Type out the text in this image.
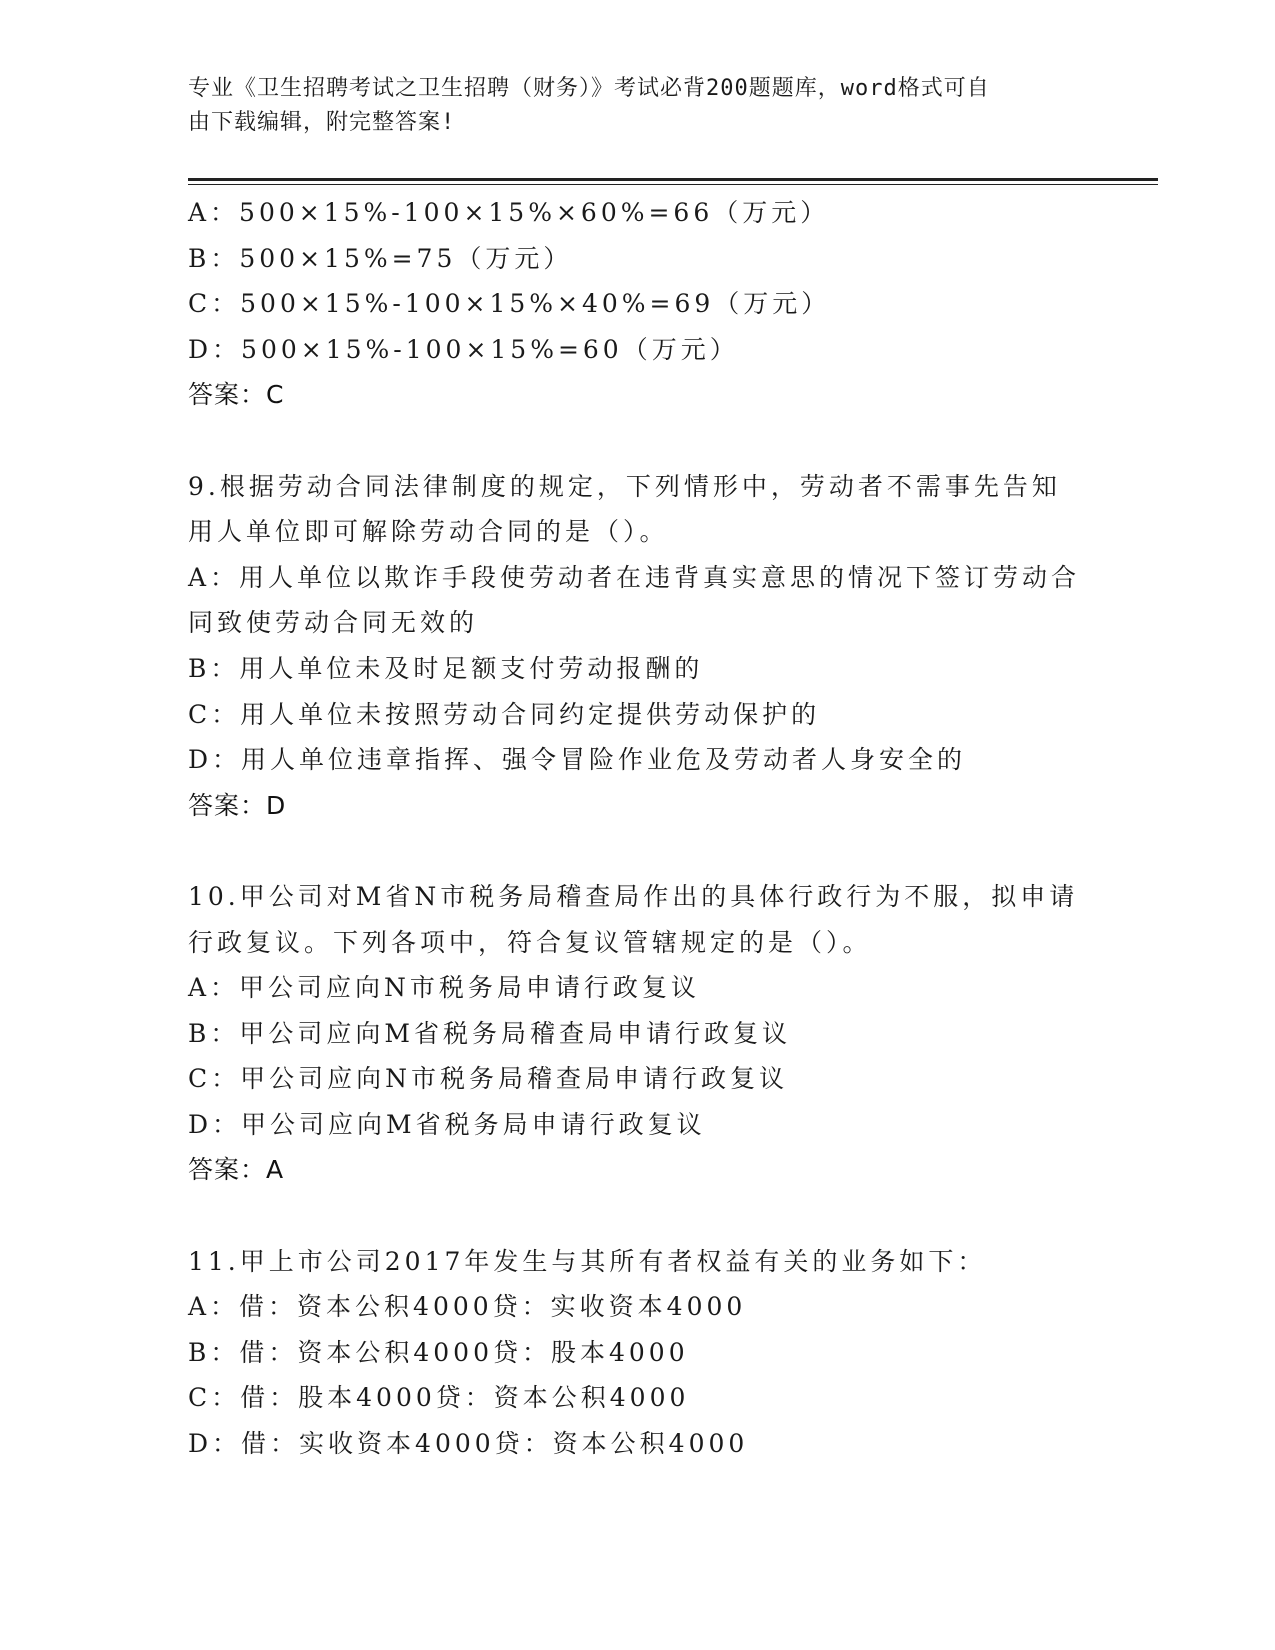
专业《卫生招聘考试之卫生招聘（财务）》考试必背200题题库，word格式可自
由下载编辑，附完整答案!
A：500×15%-100×15%×60%=66（万元）
B：500×15%=75（万元）
C：500×15%-100×15%×40%=69（万元）
D：500×15%-100×15%=60（万元）
答案：C
9.根据劳动合同法律制度的规定，下列情形中，劳动者不需事先告知
用人单位即可解除劳动合同的是（）。
A：用人单位以欺诈手段使劳动者在违背真实意思的情况下签订劳动合
同致使劳动合同无效的
B：用人单位未及时足额支付劳动报酬的
C：用人单位未按照劳动合同约定提供劳动保护的
D：用人单位违章指挥、强令冒险作业危及劳动者人身安全的
答案：D
10.甲公司对M省N市税务局稽查局作出的具体行政行为不服，拟申请
行政复议。下列各项中，符合复议管辖规定的是（）。
A：甲公司应向N市税务局申请行政复议
B：甲公司应向M省税务局稽查局申请行政复议
C：甲公司应向N市税务局稽查局申请行政复议
D：甲公司应向M省税务局申请行政复议
答案：A
11.甲上市公司2017年发生与其所有者权益有关的业务如下：
A：借：资本公积4000贷：实收资本4000
B：借：资本公积4000贷：股本4000
C：借：股本4000贷：资本公积4000
D：借：实收资本4000贷：资本公积4000
